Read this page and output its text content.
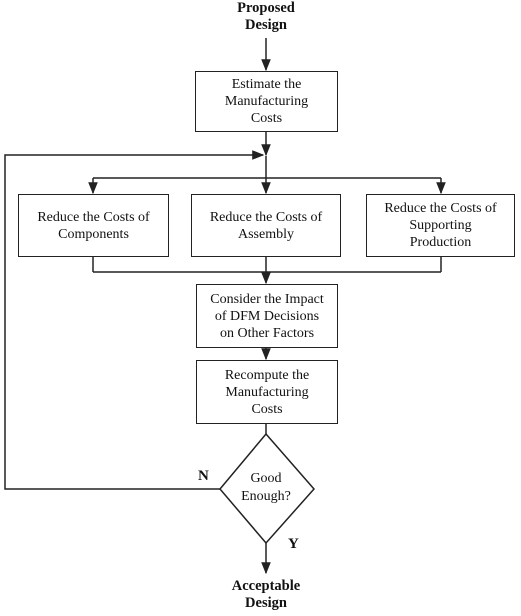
Proposed
Design
Estimate the
Manufacturing
Costs
Reduce the Costs of
Components
Reduce the Costs of
Assembly
Reduce the Costs of
Supporting
Production
Consider the Impact
of DFM Decisions
on Other Factors
Recompute the
Manufacturing
Costs
Good
Enough?
N
Y
Acceptable
Design
